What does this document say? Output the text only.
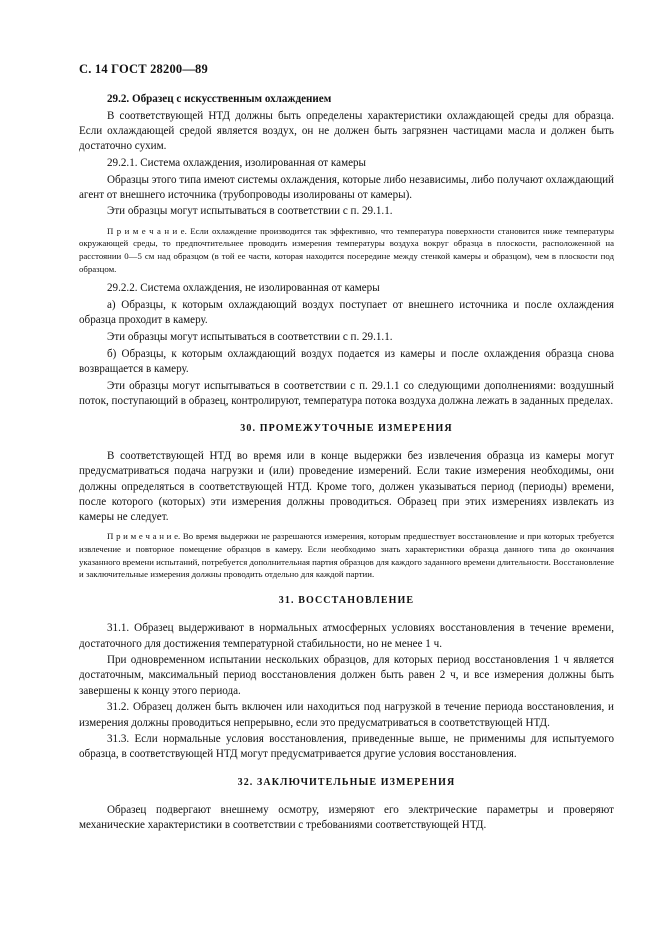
С. 14 ГОСТ 28200—89

29.2. Образец с искусственным охлаждением

В соответствующей НТД должны быть определены характеристики охлаждающей среды для образца. Если охлаждающей средой является воздух, он не должен быть загрязнен частицами масла и должен быть достаточно сухим.

29.2.1. Система охлаждения, изолированная от камеры

Образцы этого типа имеют системы охлаждения, которые либо независимы, либо получают охлаждающий агент от внешнего источника (трубопроводы изолированы от камеры).

Эти образцы могут испытываться в соответствии с п. 29.1.1.

П р и м е ч а н и е. Если охлаждение производится так эффективно, что температура поверхности становится ниже температуры окружающей среды, то предпочтительнее проводить измерения температуры воздуха вокруг образца в плоскости, расположенной на расстоянии 0—5 см над образцом (в той ее части, которая находится посередине между стенкой камеры и образцом), чем в плоскости под образцом.

29.2.2. Система охлаждения, не изолированная от камеры

а) Образцы, к которым охлаждающий воздух поступает от внешнего источника и после охлаждения образца проходит в камеру.

Эти образцы могут испытываться в соответствии с п. 29.1.1.

б) Образцы, к которым охлаждающий воздух подается из камеры и после охлаждения образца снова возвращается в камеру.

Эти образцы могут испытываться в соответствии с п. 29.1.1 со следующими дополнениями: воздушный поток, поступающий в образец, контролируют, температура потока воздуха должна лежать в заданных пределах.

30. ПРОМЕЖУТОЧНЫЕ ИЗМЕРЕНИЯ

В соответствующей НТД во время или в конце выдержки без извлечения образца из камеры могут предусматриваться подача нагрузки и (или) проведение измерений. Если такие измерения необходимы, они должны определяться в соответствующей НТД. Кроме того, должен указываться период (периоды) времени, после которого (которых) эти измерения должны проводиться. Образец при этих измерениях извлекать из камеры не следует.

П р и м е ч а н и е. Во время выдержки не разрешаются измерения, которым предшествует восстановление и при которых требуется извлечение и повторное помещение образцов в камеру. Если необходимо знать характеристики образца данного типа до окончания указанного времени испытаний, потребуется дополнительная партия образцов для каждого заданного времени длительности. Восстановление и заключительные измерения должны проводить отдельно для каждой партии.

31. ВОССТАНОВЛЕНИЕ

31.1. Образец выдерживают в нормальных атмосферных условиях восстановления в течение времени, достаточного для достижения температурной стабильности, но не менее 1 ч.

При одновременном испытании нескольких образцов, для которых период восстановления 1 ч является достаточным, максимальный период восстановления должен быть равен 2 ч, и все измерения должны быть завершены к концу этого периода.

31.2. Образец должен быть включен или находиться под нагрузкой в течение периода восстановления, и измерения должны проводиться непрерывно, если это предусматриваться в соответствующей НТД.

31.3. Если нормальные условия восстановления, приведенные выше, не применимы для испытуемого образца, в соответствующей НТД могут предусматривается другие условия восстановления.

32. ЗАКЛЮЧИТЕЛЬНЫЕ ИЗМЕРЕНИЯ

Образец подвергают внешнему осмотру, измеряют его электрические параметры и проверяют механические характеристики в соответствии с требованиями соответствующей НТД.
